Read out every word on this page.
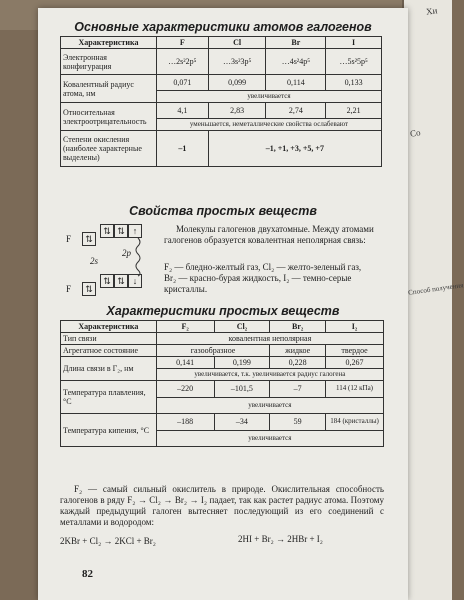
Хи
Со
Способ получения
Основные характеристики атомов галогенов
Характеристика	F	Cl	Br	I
Электронная конфигурация	…2s²2p⁵	…3s²3p⁵	…4s²4p⁵	…5s²5p⁵
Ковалентный радиус атома, нм	0,071	0,099	0,114	0,133
	увеличивается			
Относительная электроотрицательность	4,1	2,83	2,74	2,21
	уменьшается, неметаллические свойства ослабевают			
Степени окисления (наиболее характерные выделены)	–1	–1, +1, +3, +5, +7		
Свойства простых веществ
F
F
2s
2p
⇅
⇅ ⇅ ↑
⇅
⇅ ⇅ ↓
Молекулы галогенов двухатомные. Между атомами галогенов образуется ковалентная неполярная связь:
F₂ — бледно-желтый газ, Cl₂ — желто-зеленый газ,
Br₂ — красно-бурая жидкость, I₂ — темно-серые кристаллы.
Характеристики простых веществ
Характеристика	F₂	Cl₂	Br₂	I₂
Тип связи	ковалентная неполярная			
Агрегатное состояние	газообразное		жидкое	твердое
Длина связи в Г₂, нм	0,141	0,199	0,228	0,267
	увеличивается, т.к. увеличивается радиус галогена			
Температура плавления, °С	–220	–101,5	–7	114 (12 кПа)
	увеличивается			
Температура кипения, °С	–188	–34	59	184 (кристаллы)
	увеличивается			
F₂ — самый сильный окислитель в природе. Окислительная способность галогенов в ряду F₂ → Cl₂ → Br₂ → I₂ падает, так как растет радиус атома. Поэтому каждый предыдущий галоген вытесняет последующий из его соединений с металлами и водородом:
2KBr + Cl₂ → 2KCl + Br₂	2HI + Br₂ → 2HBr + I₂
82
